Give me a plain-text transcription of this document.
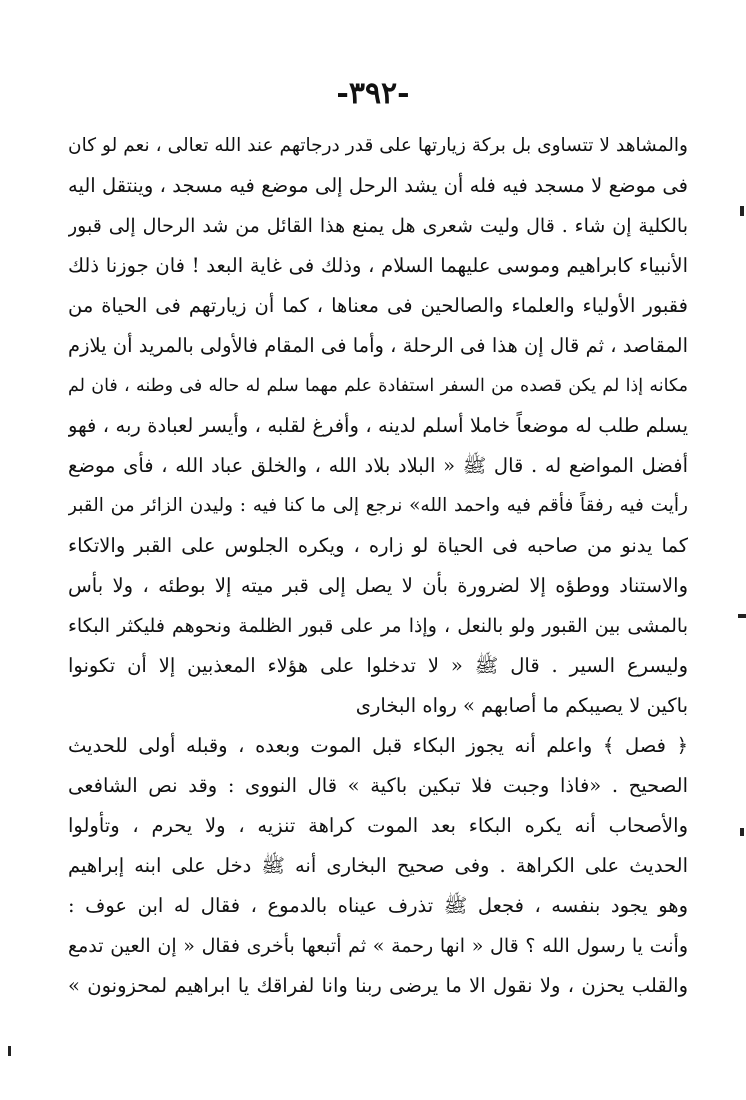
-٣٩٢-
والمشاهد لا تتساوى بل بركة زيارتها على قدر درجاتهم عند الله تعالى ، نعم لو كان
فى موضع لا مسجد فيه فله أن يشد الرحل إلى موضع فيه مسجد ، وينتقل اليه
بالكلية إن شاء . قال وليت شعرى هل يمنع هذا القائل من شد الرحال إلى قبور
الأنبياء كابراهيم وموسى عليهما السلام ، وذلك فى غاية البعد ! فان جوزنا ذلك
فقبور الأولياء والعلماء والصالحين فى معناها ، كما أن زيارتهم فى الحياة من
المقاصد ، ثم قال إن هذا فى الرحلة ، وأما فى المقام فالأولى بالمريد أن يلازم
مكانه إذا لم يكن قصده من السفر استفادة علم مهما سلم له حاله فى وطنه ، فان لم
يسلم طلب له موضعاً خاملا أسلم لدينه ، وأفرغ لقلبه ، وأيسر لعبادة ربه ، فهو
أفضل المواضع له . قال ﷺ « البلاد بلاد الله ، والخلق عباد الله ، فأى موضع
رأيت فيه رفقاً فأقم فيه واحمد الله» نرجع إلى ما كنا فيه : وليدن الزائر من القبر
كما يدنو من صاحبه فى الحياة لو زاره ، ويكره الجلوس على القبر والاتكاء
والاستناد ووطؤه إلا لضرورة بأن لا يصل إلى قبر ميته إلا بوطئه ، ولا بأس
بالمشى بين القبور ولو بالنعل ، وإذا مر على قبور الظلمة ونحوهم فليكثر البكاء
وليسرع السير . قال ﷺ « لا تدخلوا على هؤلاء المعذبين إلا أن تكونوا
باكين لا يصيبكم ما أصابهم » رواه البخارى
﴿ فصل ﴾ واعلم أنه يجوز البكاء قبل الموت وبعده ، وقبله أولى للحديث
الصحيح . «فاذا وجبت فلا تبكين باكية » قال النووى : وقد نص الشافعى
والأصحاب أنه يكره البكاء بعد الموت كراهة تنزيه ، ولا يحرم ، وتأولوا
الحديث على الكراهة . وفى صحيح البخارى أنه ﷺ دخل على ابنه إبراهيم
وهو يجود بنفسه ، فجعل ﷺ تذرف عيناه بالدموع ، فقال له ابن عوف :
وأنت يا رسول الله ؟ قال « انها رحمة » ثم أتبعها بأخرى فقال « إن العين تدمع
والقلب يحزن ، ولا نقول الا ما يرضى ربنا وانا لفراقك يا ابراهيم لمحزونون »
